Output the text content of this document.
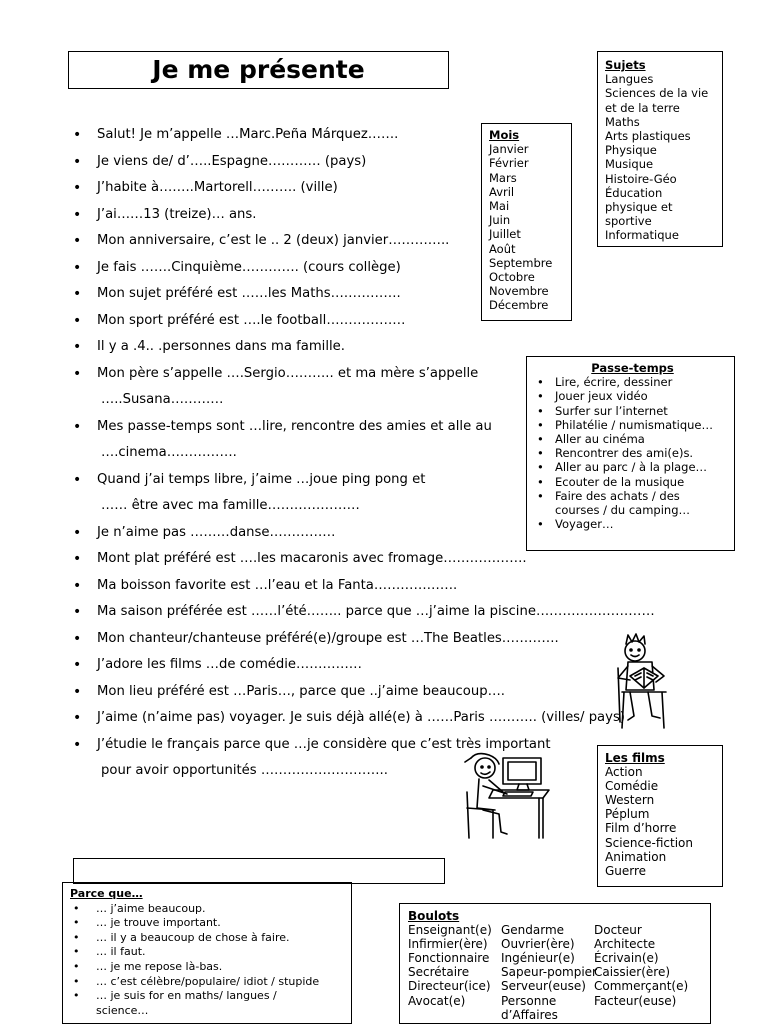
Je me présente
• Salut! Je m’appelle …Marc.Peña Márquez…….
• Je viens de/ d’…..Espagne………… (pays)
• J’habite à……..Martorell………. (ville)
• J’ai……13 (treize)… ans.
• Mon anniversaire, c’est le .. 2 (deux) janvier…………..
• Je fais …….Cinquième…………. (cours collège)
• Mon sujet préféré est ……les Maths…………….
• Mon sport préféré est ….le football………………
• Il y a .4.. .personnes dans ma famille.
• Mon père s’appelle ….Sergio……….. et ma mère s’appelle
…..Susana…………
• Mes passe-temps sont …lire, rencontre des amies et alle au
….cinema…………….
• Quand j’ai temps libre, j’aime …joue ping pong et
…… être avec ma famille…………………
• Je n’aime pas ………danse……………
• Mont plat préféré est ….les macaronis avec fromage……………….
• Ma boisson favorite est …l’eau et la Fanta……………….
• Ma saison préférée est ……l’été…….. parce que …j’aime la piscine………………………
• Mon chanteur/chanteuse préféré(e)/groupe est …The Beatles………….
• J’adore les films …de comédie……………
• Mon lieu préféré est …Paris…, parce que ..j’aime beaucoup….
• J’aime (n’aime pas) voyager. Je suis déjà allé(e) à ……Paris ……….. (villes/ pays)
• J’étudie le français parce que …je considère que c’est très important
pour avoir opportunités ………………………..
Mois
Janvier
Février
Mars
Avril
Mai
Juin
Juillet
Août
Septembre
Octobre
Novembre
Décembre
Sujets
Langues
Sciences de la vie
et de la terre
Maths
Arts plastiques
Physique
Musique
Histoire-Géo
Éducation
physique et
sportive
Informatique
Passe-temps
• Lire, écrire, dessiner
• Jouer jeux vidéo
• Surfer sur l’internet
• Philatélie / numismatique…
• Aller au cinéma
• Rencontrer des ami(e)s.
• Aller au parc / à la plage…
• Ecouter de la musique
• Faire des achats / des
courses / du camping…
• Voyager…
Les films
Action
Comédie
Western
Péplum
Film d’horre
Science-fiction
Animation
Guerre
Parce que…
• … j’aime beaucoup.
• … je trouve important.
• … il y a beaucoup de chose à faire.
• … il faut.
• … je me repose là-bas.
• … c’est célèbre/populaire/ idiot / stupide
• … je suis for en maths/ langues /
science…
Boulots
Enseignant(e)
Infirmier(ère)
Fonctionnaire
Secrétaire
Directeur(ice)
Avocat(e)
Gendarme
Ouvrier(ère)
Ingénieur(e)
Sapeur-pompier
Serveur(euse)
Personne
d’Affaires
Docteur
Architecte
Écrivain(e)
Caissier(ère)
Commerçant(e)
Facteur(euse)
